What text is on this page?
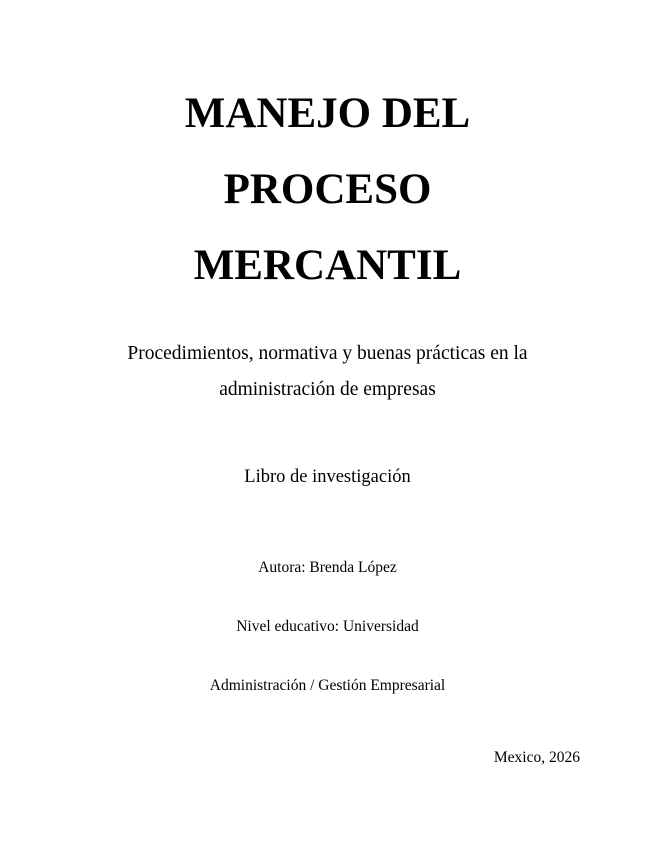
MANEJO DEL
PROCESO
MERCANTIL

Procedimientos, normativa y buenas prácticas en la
administración de empresas

Libro de investigación

Autora: Brenda López

Nivel educativo: Universidad

Administración / Gestión Empresarial

Mexico, 2026
